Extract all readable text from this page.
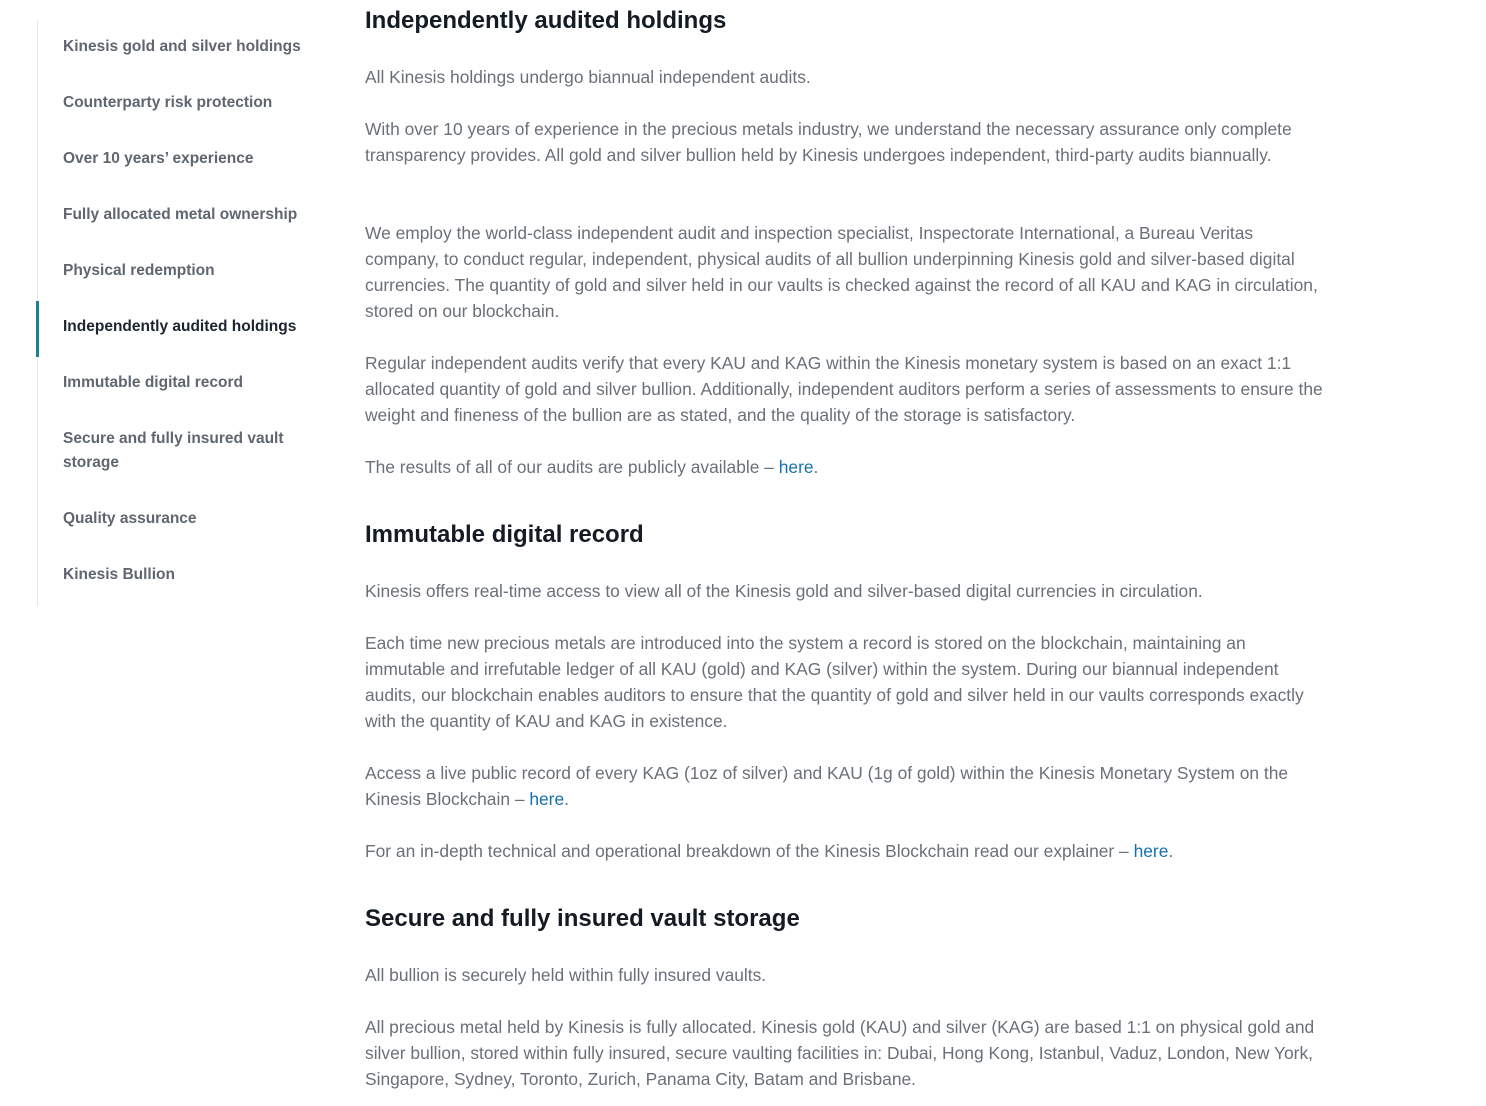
Kinesis gold and silver holdings
Counterparty risk protection
Over 10 years’ experience
Fully allocated metal ownership
Physical redemption
Independently audited holdings
Immutable digital record
Secure and fully insured vault storage
Quality assurance
Kinesis Bullion
Independently audited holdings

All Kinesis holdings undergo biannual independent audits.

With over 10 years of experience in the precious metals industry, we understand the necessary assurance only complete transparency provides. All gold and silver bullion held by Kinesis undergoes independent, third-party audits biannually.

We employ the world-class independent audit and inspection specialist, Inspectorate International, a Bureau Veritas company, to conduct regular, independent, physical audits of all bullion underpinning Kinesis gold and silver-based digital currencies. The quantity of gold and silver held in our vaults is checked against the record of all KAU and KAG in circulation, stored on our blockchain.

Regular independent audits verify that every KAU and KAG within the Kinesis monetary system is based on an exact 1:1 allocated quantity of gold and silver bullion. Additionally, independent auditors perform a series of assessments to ensure the weight and fineness of the bullion are as stated, and the quality of the storage is satisfactory.

The results of all of our audits are publicly available – here.

Immutable digital record

Kinesis offers real-time access to view all of the Kinesis gold and silver-based digital currencies in circulation.

Each time new precious metals are introduced into the system a record is stored on the blockchain, maintaining an immutable and irrefutable ledger of all KAU (gold) and KAG (silver) within the system. During our biannual independent audits, our blockchain enables auditors to ensure that the quantity of gold and silver held in our vaults corresponds exactly with the quantity of KAU and KAG in existence.

Access a live public record of every KAG (1oz of silver) and KAU (1g of gold) within the Kinesis Monetary System on the Kinesis Blockchain – here.

For an in-depth technical and operational breakdown of the Kinesis Blockchain read our explainer – here.

Secure and fully insured vault storage

All bullion is securely held within fully insured vaults.

All precious metal held by Kinesis is fully allocated. Kinesis gold (KAU) and silver (KAG) are based 1:1 on physical gold and silver bullion, stored within fully insured, secure vaulting facilities in: Dubai, Hong Kong, Istanbul, Vaduz, London, New York, Singapore, Sydney, Toronto, Zurich, Panama City, Batam and Brisbane.
